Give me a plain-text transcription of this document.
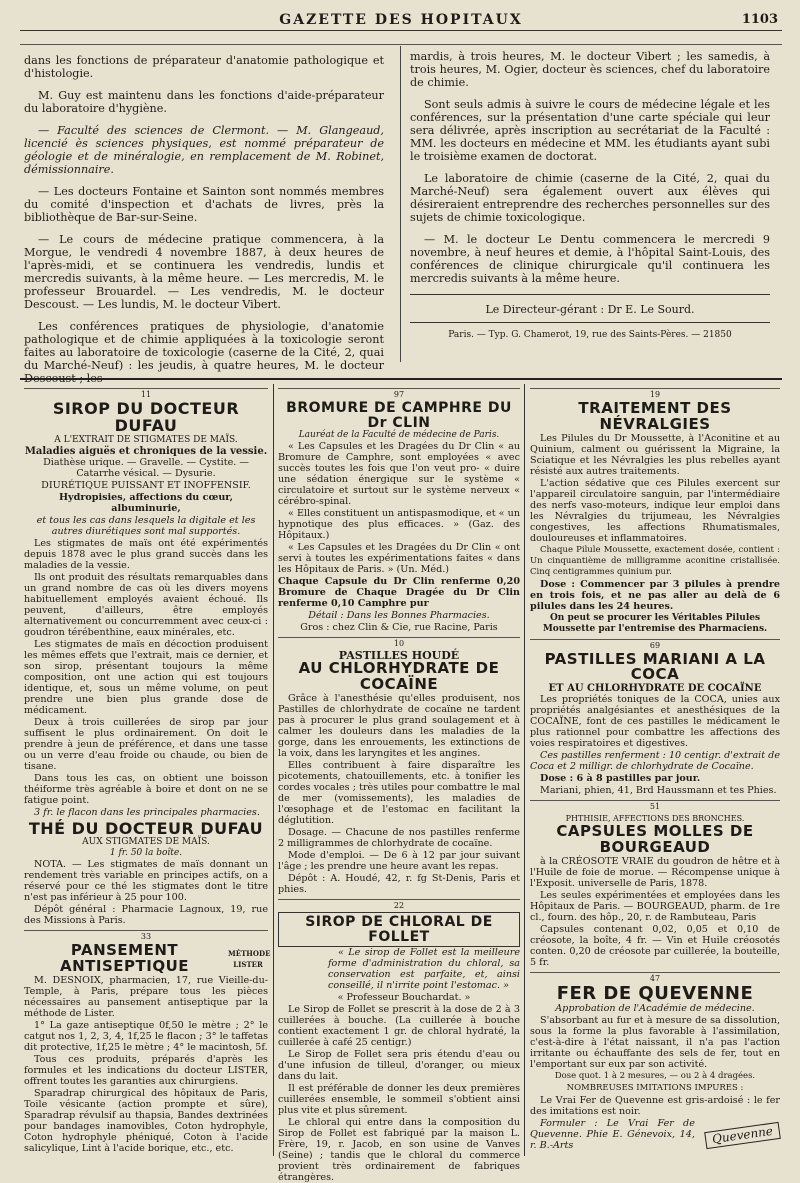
GAZETTE DES HOPITAUX	1103

dans les fonctions de préparateur d'anatomie pathologique et d'histologie.

M. Guy est maintenu dans les fonctions d'aide-préparateur du laboratoire d'hygiène.

— Faculté des sciences de Clermont. — M. Glangeaud, licencié ès sciences physiques, est nommé préparateur de géologie et de minéralogie, en remplacement de M. Robinet, démissionnaire.

— Les docteurs Fontaine et Sainton sont nommés membres du comité d'inspection et d'achats de livres, près la bibliothèque de Bar-sur-Seine.

— Le cours de médecine pratique commencera, à la Morgue, le vendredi 4 novembre 1887, à deux heures de l'après-midi, et se continuera les vendredis, lundis et mercredis suivants, à la même heure. — Les mercredis, M. le professeur Brouardel. — Les vendredis, M. le docteur Descoust. — Les lundis, M. le docteur Vibert.

Les conférences pratiques de physiologie, d'anatomie pathologique et de chimie appliquées à la toxicologie seront faites au laboratoire de toxicologie (caserne de la Cité, 2, quai du Marché-Neuf) : les jeudis, à quatre heures, M. le docteur Descoust ; les

mardis, à trois heures, M. le docteur Vibert ; les samedis, à trois heures, M. Ogier, docteur ès sciences, chef du laboratoire de chimie.

Sont seuls admis à suivre le cours de médecine légale et les conférences, sur la présentation d'une carte spéciale qui leur sera délivrée, après inscription au secrétariat de la Faculté : MM. les docteurs en médecine et MM. les étudiants ayant subi le troisième examen de doctorat.

Le laboratoire de chimie (caserne de la Cité, 2, quai du Marché-Neuf) sera également ouvert aux élèves qui désireraient entreprendre des recherches personnelles sur des sujets de chimie toxicologique.

— M. le docteur Le Dentu commencera le mercredi 9 novembre, à neuf heures et demie, à l'hôpital Saint-Louis, des conférences de clinique chirurgicale qu'il continuera les mercredis suivants à la même heure.

Le Directeur-gérant : Dr E. Le Sourd.
Paris. — Typ. G. Chamerot, 19, rue des Saints-Pères. — 21850
11
SIROP DU DOCTEUR DUFAU
A L'EXTRAIT DE STIGMATES DE MAÏS.
Maladies aiguës et chroniques de la vessie.

Diathèse urique. — Gravelle. — Cystite. — Catarrhe vésical. — Dysurie.

DIURÉTIQUE PUISSANT ET INOFFENSIF.

Hydropisies, affections du cœur, albuminurie,

et tous les cas dans lesquels la digitale et les autres diurétiques sont mal supportés.

Les stigmates de maïs ont été expérimentés depuis 1878 avec le plus grand succès dans les maladies de la vessie.

Ils ont produit des résultats remarquables dans un grand nombre de cas où les divers moyens habituellement employés avaient échoué. Ils peuvent, d'ailleurs, être employés alternativement ou concurremment avec ceux-ci : goudron térébenthine, eaux minérales, etc.

Les stigmates de maïs en décoction produisent les mêmes effets que l'extrait, mais ce dernier, et son sirop, présentant toujours la même composition, ont une action qui est toujours identique, et, sous un même volume, on peut prendre une bien plus grande dose de médicament.

Deux à trois cuillerées de sirop par jour suffisent le plus ordinairement. On doit le prendre à jeun de préférence, et dans une tasse ou un verre d'eau froide ou chaude, ou bien de tisane.

Dans tous les cas, on obtient une boisson théiforme très agréable à boire et dont on ne se fatigue point.

3 fr. le flacon dans les principales pharmacies.

THÉ DU DOCTEUR DUFAU
AUX STIGMATES DE MAÏS.
1 fr. 50 la boîte.

NOTA. — Les stigmates de maïs donnant un rendement très variable en principes actifs, on a réservé pour ce thé les stigmates dont le titre n'est pas inférieur à 25 pour 100.

Dépôt général : Pharmacie Lagnoux, 19, rue des Missions à Paris.

33
PANSEMENT ANTISEPTIQUE
MÉTHODE LISTER

M. DESNOIX, pharmacien, 17, rue Vieille-du-Temple, à Paris, prépare tous les pièces nécessaires au pansement antiseptique par la méthode de Lister.

1° La gaze antiseptique 0f,50 le mètre ; 2° le catgut nos 1, 2, 3, 4, 1f,25 le flacon ; 3° le taffetas dit protective, 1f,25 le mètre ; 4° le macintosh, 5f.

Tous ces produits, préparés d'après les formules et les indications du docteur LISTER, offrent toutes les garanties aux chirurgiens.

Sparadrap chirurgical des hôpitaux de Paris, Toile vésicante (action prompte et sûre), Sparadrap révulsif au thapsia, Bandes dextrinées pour bandages inamovibles, Coton hydrophyle, Coton hydrophyle phéniqué, Coton à l'acide salicylique, Lint à l'acide borique, etc., etc.

97
BROMURE DE CAMPHRE DU Dr CLIN
Lauréat de la Faculté de médecine de Paris.

« Les Capsules et les Dragées du Dr Clin « au Bromure de Camphre, sont employées « avec succès toutes les fois que l'on veut pro- « duire une sédation énergique sur le système « circulatoire et surtout sur le système nerveux « cérébro-spinal.

« Elles constituent un antispasmodique, et « un hypnotique des plus efficaces. » (Gaz. des Hôpitaux.)

« Les Capsules et les Dragées du Dr Clin « ont servi à toutes les expérimentations faites « dans les Hôpitaux de Paris. » (Un. Méd.)

Chaque Capsule du Dr Clin renferme 0,20 Bromure de Chaque Dragée du Dr Clin renferme 0,10 Camphre pur

Détail : Dans les Bonnes Pharmacies.

Gros : chez Clin & Cie, rue Racine, Paris

10
PASTILLES HOUDÉ
AU CHLORHYDRATE DE COCAÏNE

Grâce à l'anesthésie qu'elles produisent, nos Pastilles de chlorhydrate de cocaïne ne tardent pas à procurer le plus grand soulagement et à calmer les douleurs dans les maladies de la gorge, dans les enrouements, les extinctions de la voix, dans les laryngites et les angines.

Elles contribuent à faire disparaître les picotements, chatouillements, etc. à tonifier les cordes vocales ; très utiles pour combattre le mal de mer (vomissements), les maladies de l'œsophage et de l'estomac en facilitant la déglutition.

Dosage. — Chacune de nos pastilles renferme 2 milligrammes de chlorhydrate de cocaïne.

Mode d'emploi. — De 6 à 12 par jour suivant l'âge ; les prendre une heure avant les repas.

Dépôt : A. Houdé, 42, r. fg St-Denis, Paris et phies.

22
SIROP DE CHLORAL DE FOLLET

« Le sirop de Follet est la meilleure forme d'administration du chloral, sa conservation est parfaite, et, ainsi conseillé, il n'irrite point l'estomac. »

« Professeur Bouchardat. »

Le Sirop de Follet se prescrit à la dose de 2 à 3 cuillerées à bouche. (La cuillerée à bouche contient exactement 1 gr. de chloral hydraté, la cuillerée à café 25 centigr.)

Le Sirop de Follet sera pris étendu d'eau ou d'une infusion de tilleul, d'oranger, ou mieux dans du lait.

Il est préférable de donner les deux premières cuillerées ensemble, le sommeil s'obtient ainsi plus vite et plus sûrement.

Le chloral qui entre dans la composition du Sirop de Follet est fabriqué par la maison L. Frère, 19, r. Jacob, en son usine de Vanves (Seine) ; tandis que le chloral du commerce provient très ordinairement de fabriques étrangères.

19
TRAITEMENT DES NÉVRALGIES

Les Pilules du Dr Moussette, à l'Aconitine et au Quinium, calment ou guérissent la Migraine, la Sciatique et les Névralgies les plus rebelles ayant résisté aux autres traitements.

L'action sédative que ces Pilules exercent sur l'appareil circulatoire sanguin, par l'intermédiaire des nerfs vaso-moteurs, indique leur emploi dans les Névralgies du trijumeau, les Névralgies congestives, les affections Rhumatismales, douloureuses et inflammatoires.

Chaque Pilule Moussette, exactement dosée, contient : Un cinquantième de milligramme aconitine cristallisée. Cinq centigrammes quinium pur.

Dose : Commencer par 3 pilules à prendre en trois fois, et ne pas aller au delà de 6 pilules dans les 24 heures.

On peut se procurer les Véritables Pilules Moussette par l'entremise des Pharmaciens.

69
PASTILLES MARIANI A LA COCA
ET AU CHLORHYDRATE DE COCAÏNE

Les propriétés toniques de la COCA, unies aux propriétés analgésiantes et anesthésiques de la COCAÏNE, font de ces pastilles le médicament le plus rationnel pour combattre les affections des voies respiratoires et digestives.

Ces pastilles renferment : 10 centigr. d'extrait de Coca et 2 milligr. de chlorhydrate de Cocaïne.

Dose : 6 à 8 pastilles par jour.

Mariani, phien, 41, Brd Haussmann et tes Phies.

51
PHTHISIE, AFFECTIONS DES BRONCHES.
CAPSULES MOLLES DE BOURGEAUD

à la CRÉOSOTE VRAIE du goudron de hêtre et à l'Huile de foie de morue. — Récompense unique à l'Exposit. universelle de Paris, 1878.

Les seules expérimentées et employées dans les Hôpitaux de Paris. — BOURGEAUD, pharm. de 1re cl., fourn. des hôp., 20, r. de Rambuteau, Paris

Capsules contenant 0,02, 0,05 et 0,10 de créosote, la boîte, 4 fr. — Vin et Huile créosotés conten. 0,20 de créosote par cuillerée, la bouteille, 5 fr.

47
FER DE QUEVENNE

Approbation de l'Académie de médecine.

S'absorbant au fur et à mesure de sa dissolution, sous la forme la plus favorable à l'assimilation, c'est-à-dire à l'état naissant, il n'a pas l'action irritante ou échauffante des sels de fer, tout en l'emportant sur eux par son activité.

Dose quot. 1 à 2 mesures, — ou 2 à 4 dragées.

NOMBREUSES IMITATIONS IMPURES :

Le Vrai Fer de Quevenne est gris-ardoisé : le fer des imitations est noir.

Formuler : Le Vrai Fer de Quevenne. Phie E. Génevoix, 14, r. B.-Arts	Quevenne
